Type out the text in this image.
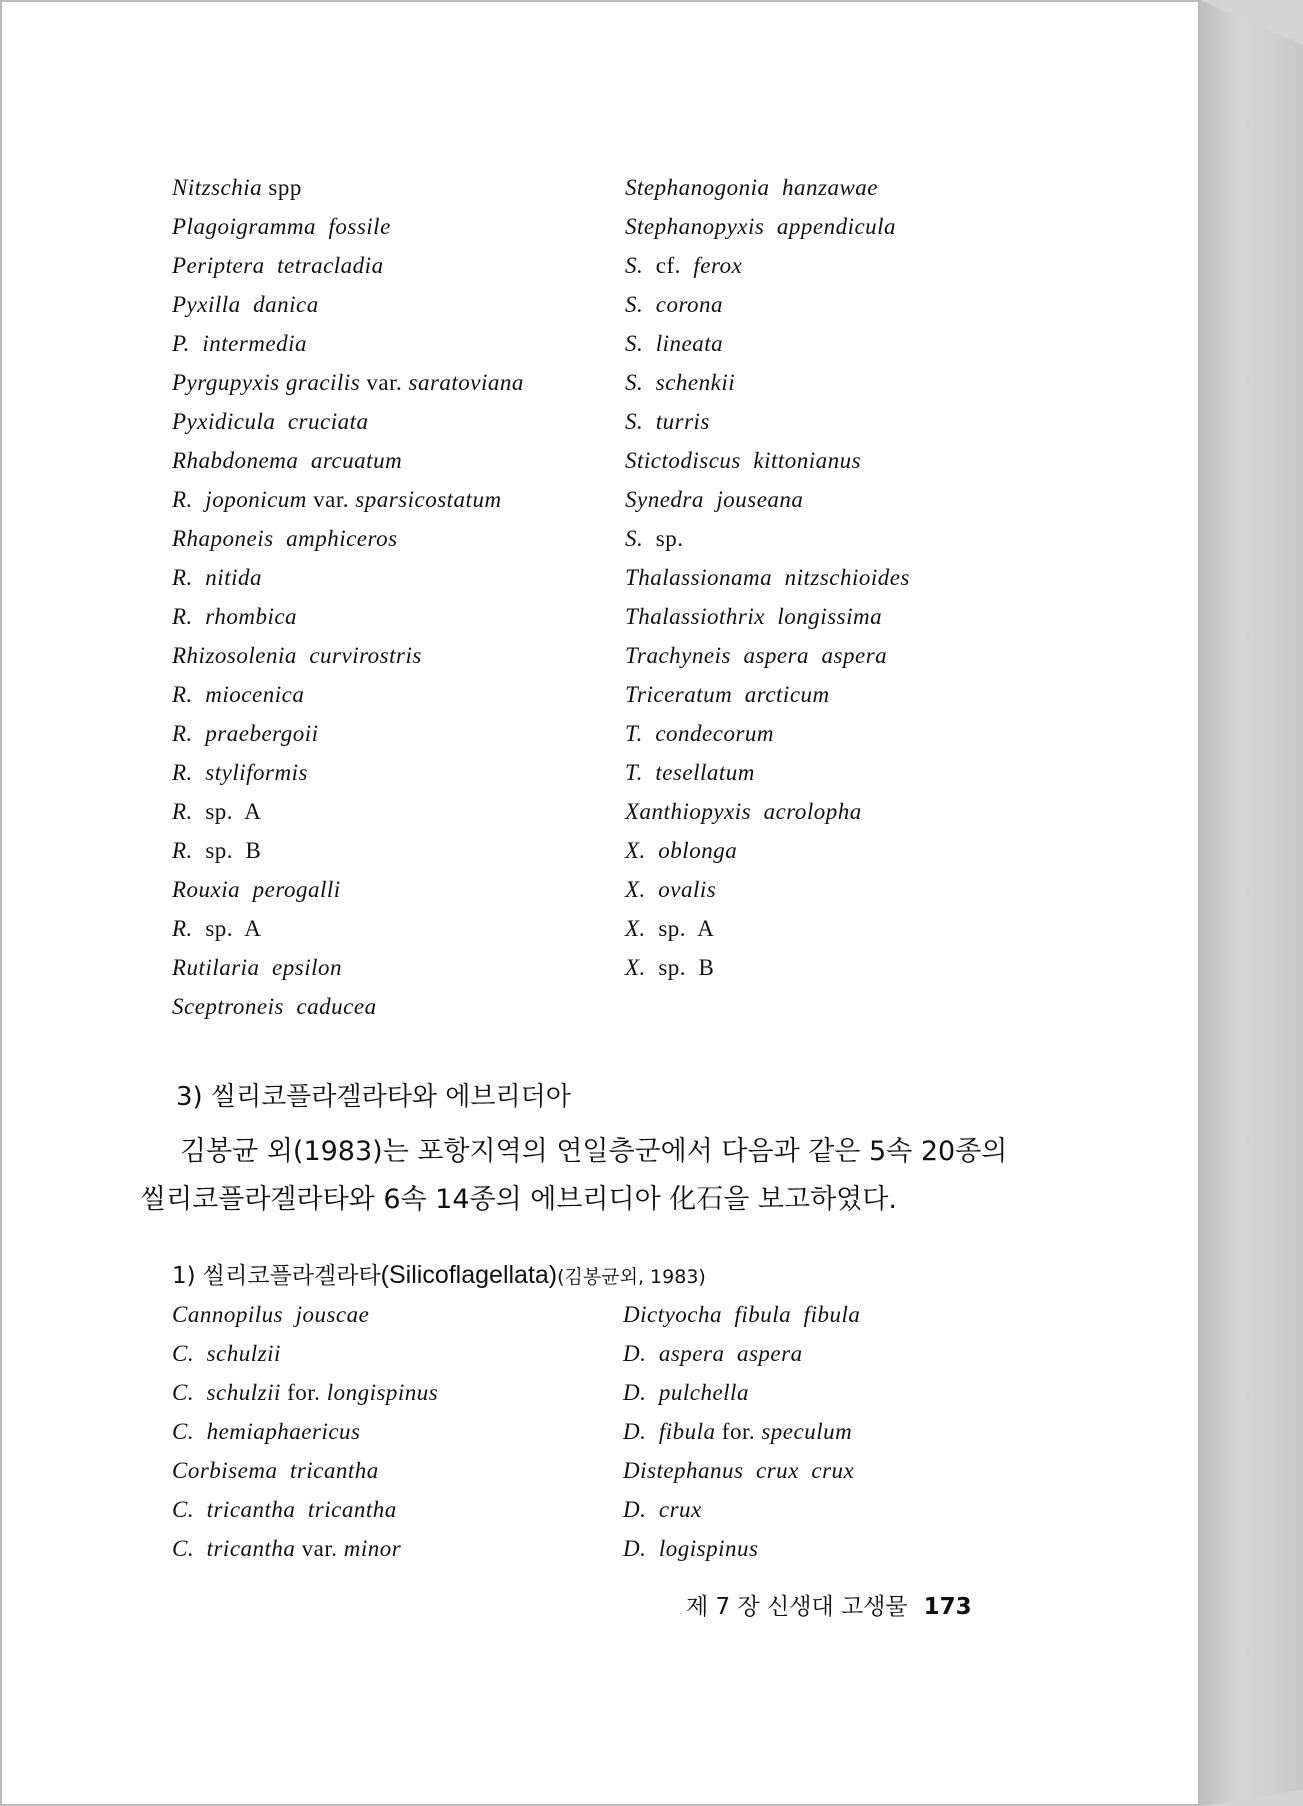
Nitzschia spp
Plagoigramma  fossile
Periptera  tetracladia
Pyxilla  danica
P.  intermedia
Pyrgupyxis gracilis var. saratoviana
Pyxidicula  cruciata
Rhabdonema  arcuatum
R.  joponicum var. sparsicostatum
Rhaponeis  amphiceros
R.  nitida
R.  rhombica
Rhizosolenia  curvirostris
R.  miocenica
R.  praebergoii
R.  styliformis
R.  sp.  A
R.  sp.  B
Rouxia  perogalli
R.  sp.  A
Rutilaria  epsilon
Sceptroneis  caducea
Stephanogonia  hanzawae
Stephanopyxis  appendicula
S.  cf.  ferox
S.  corona
S.  lineata
S.  schenkii
S.  turris
Stictodiscus  kittonianus
Synedra  jouseana
S.  sp.
Thalassionama  nitzschioides
Thalassiothrix  longissima
Trachyneis  aspera  aspera
Triceratum  arcticum
T.  condecorum
T.  tesellatum
Xanthiopyxis  acrolopha
X.  oblonga
X.  ovalis
X.  sp.  A
X.  sp.  B
3) 씰리코플라겔라타와 에브리더아
김봉균 외(1983)는 포항지역의 연일층군에서 다음과 같은 5속 20종의 씰리코플라겔라타와 6속 14종의 에브리디아 化石을 보고하였다.
1) 씰리코플라겔라타(Silicoflagellata)(김봉균외, 1983)
Cannopilus  jouscae
C.  schulzii
C.  schulzii for. longispinus
C.  hemiaphaericus
Corbisema  tricantha
C.  tricantha  tricantha
C.  tricantha var. minor
Dictyocha  fibula  fibula
D.  aspera  aspera
D.  pulchella
D.  fibula for. speculum
Distephanus  crux  crux
D.  crux
D.  logispinus
제 7 장 신생대 고생물 173
